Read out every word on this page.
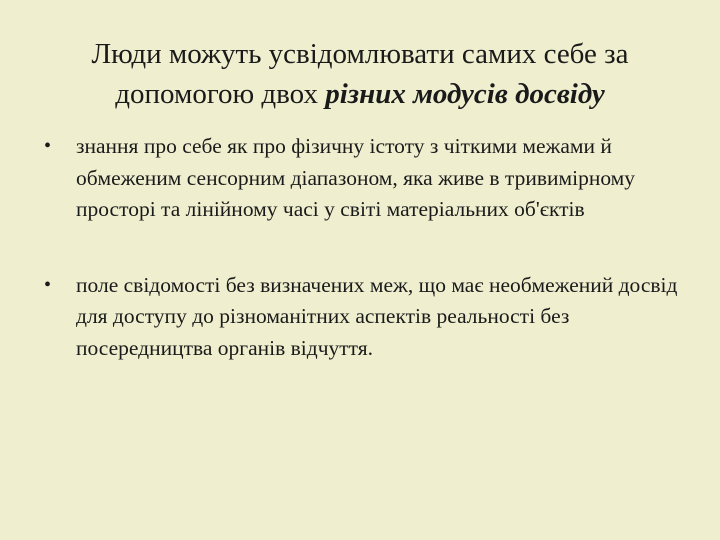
Люди можуть усвідомлювати самих себе за
допомогою двох різних модусів досвіду
• знання про себе як про фізичну істоту з чіткими межами й обмеженим сенсорним діапазоном, яка живе в тривимірному просторі та лінійному часі у світі матеріальних об'єктів
• поле свідомості без визначених меж, що має необмежений досвід для доступу до різноманітних аспектів реальності без посередництва органів відчуття.
